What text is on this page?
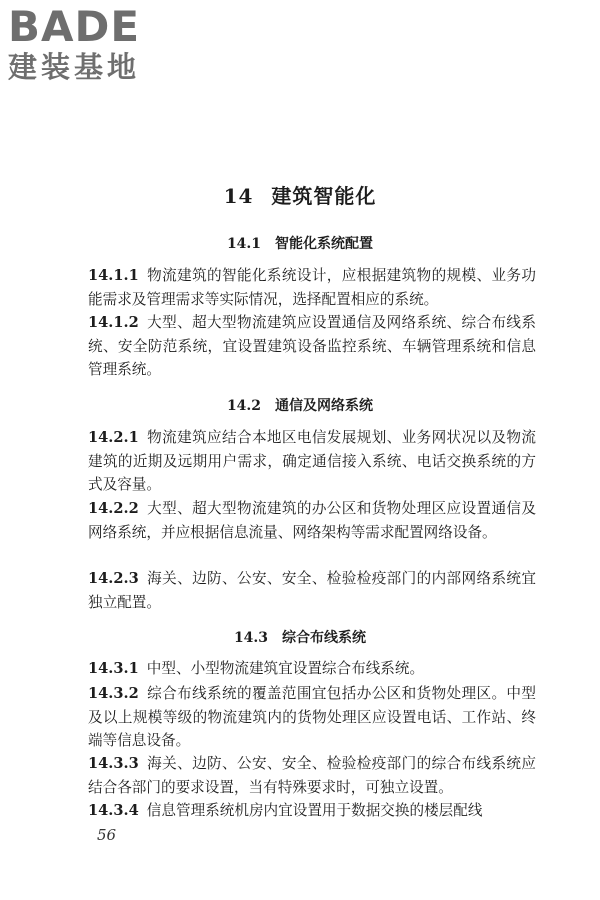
BADE
建装基地
14 建筑智能化
14.1 智能化系统配置
14.1.1 物流建筑的智能化系统设计，应根据建筑物的规模、业务功能需求及管理需求等实际情况，选择配置相应的系统。
14.1.2 大型、超大型物流建筑应设置通信及网络系统、综合布线系统、安全防范系统，宜设置建筑设备监控系统、车辆管理系统和信息管理系统。
14.2 通信及网络系统
14.2.1 物流建筑应结合本地区电信发展规划、业务网状况以及物流建筑的近期及远期用户需求，确定通信接入系统、电话交换系统的方式及容量。
14.2.2 大型、超大型物流建筑的办公区和货物处理区应设置通信及网络系统，并应根据信息流量、网络架构等需求配置网络设备。
14.2.3 海关、边防、公安、安全、检验检疫部门的内部网络系统宜独立配置。
14.3 综合布线系统
14.3.1 中型、小型物流建筑宜设置综合布线系统。
14.3.2 综合布线系统的覆盖范围宜包括办公区和货物处理区。中型及以上规模等级的物流建筑内的货物处理区应设置电话、工作站、终端等信息设备。
14.3.3 海关、边防、公安、安全、检验检疫部门的综合布线系统应结合各部门的要求设置，当有特殊要求时，可独立设置。
14.3.4 信息管理系统机房内宜设置用于数据交换的楼层配线
56
